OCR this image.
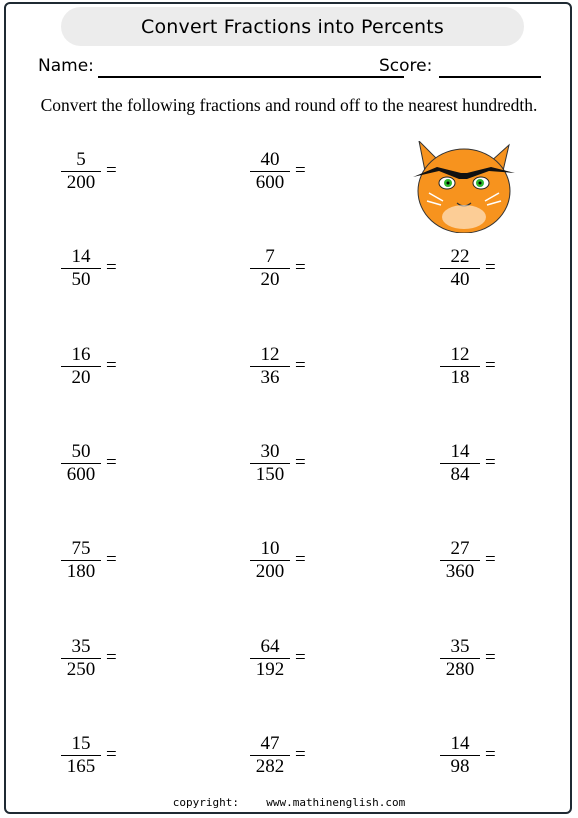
Convert Fractions into Percents
Name:	Score:
Convert the following fractions and round off to the nearest hundredth.
5
200
=
40
600
=
14
50
=
7
20
=
22
40
=
16
20
=
12
36
=
12
18
=
50
600
=
30
150
=
14
84
=
75
180
=
10
200
=
27
360
=
35
250
=
64
192
=
35
280
=
15
165
=
47
282
=
14
98
=
copyright: www.mathinenglish.com
